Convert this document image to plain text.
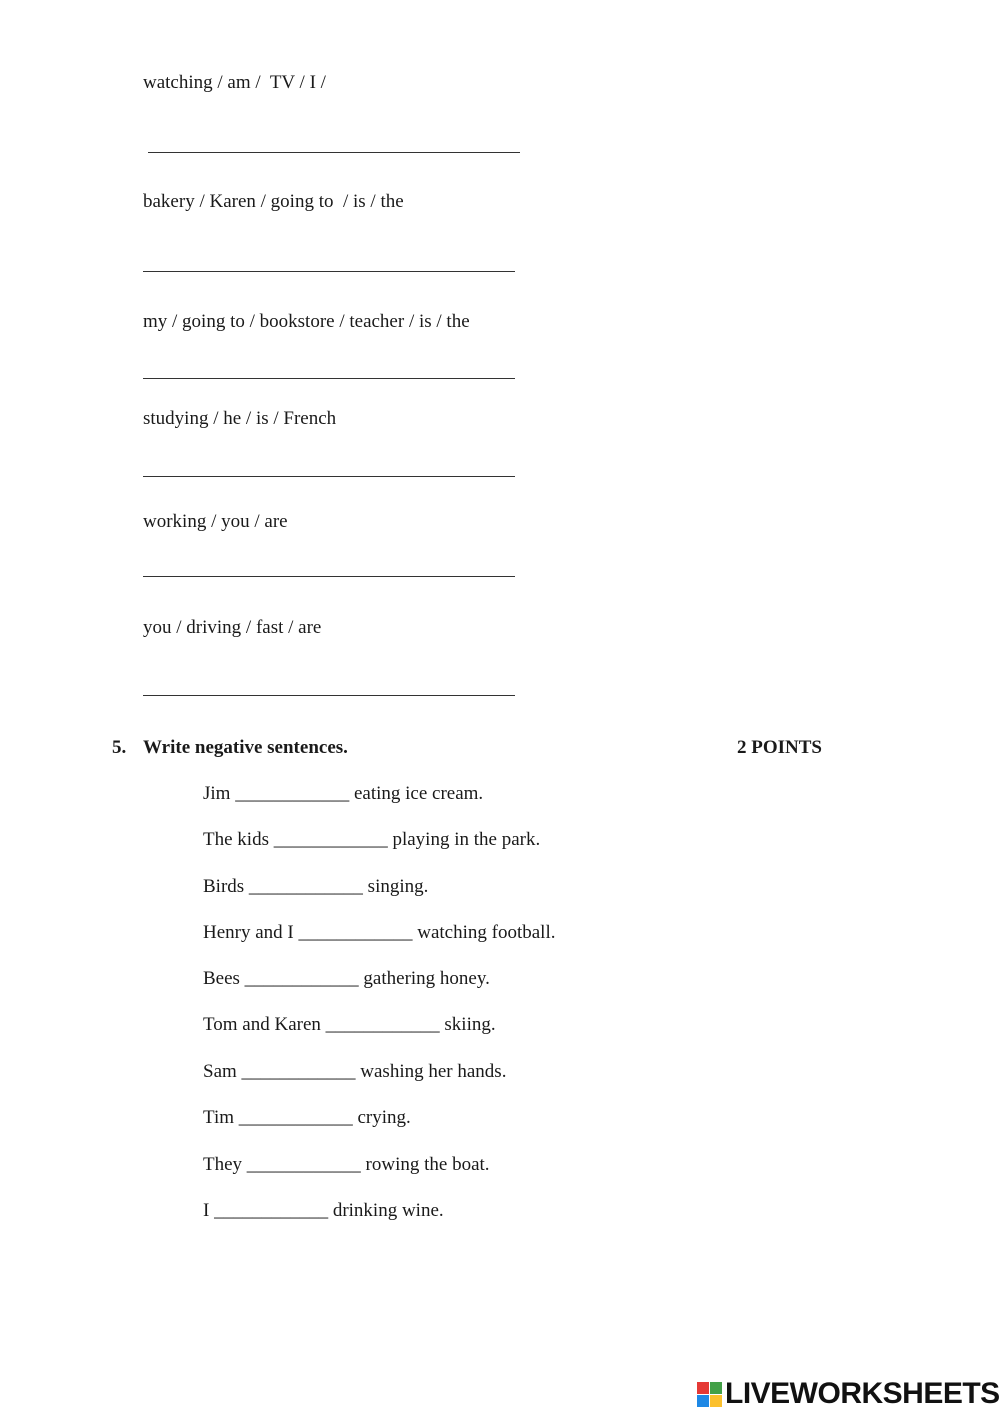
watching / am /  TV / I /
bakery / Karen / going to  / is / the
my / going to / bookstore / teacher / is / the
studying / he / is / French
working / you / are
you / driving / fast / are
5. Write negative sentences.	2 POINTS
Jim ____________ eating ice cream.
The kids ____________ playing in the park.
Birds ____________ singing.
Henry and I ____________ watching football.
Bees ____________ gathering honey.
Tom and Karen ____________ skiing.
Sam ____________ washing her hands.
Tim ____________ crying.
They ____________ rowing the boat.
I ____________ drinking wine.
LIVEWORKSHEETS
